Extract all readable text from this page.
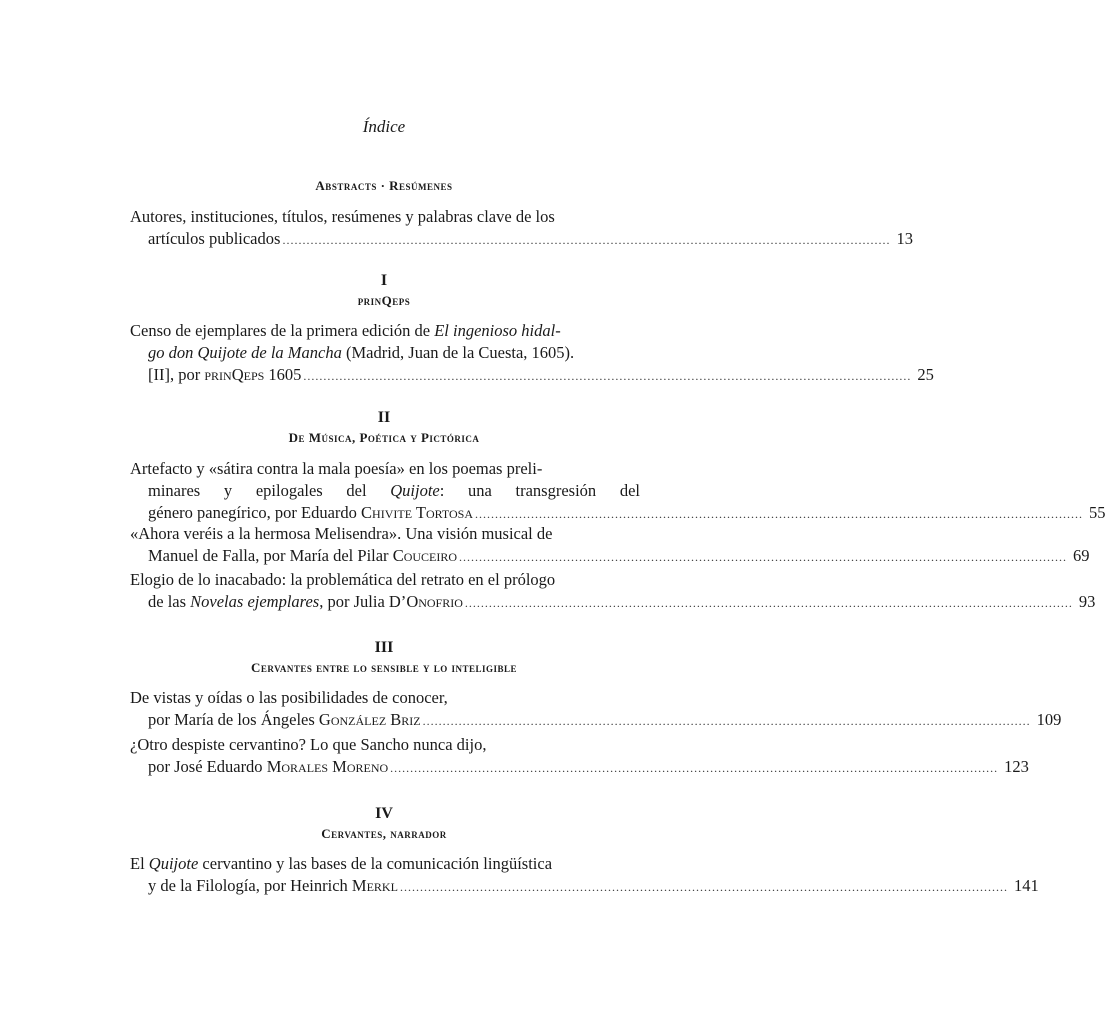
Índice
Abstracts · Resúmenes
Autores, instituciones, títulos, resúmenes y palabras clave de los
artículos publicados ........................................................................................................................................................ 13
I
prinQeps
Censo de ejemplares de la primera edición de El ingenioso hidal-
go don Quijote de la Mancha (Madrid, Juan de la Cuesta, 1605).
[II], por prinQeps 1605 ........................................................................................................................................................ 25
II
De Música, Poética y Pictórica
Artefacto y «sátira contra la mala poesía» en los poemas preli-
minares y epilogales del Quijote: una transgresión del
género panegírico, por Eduardo Chivite Tortosa ........................................................................................................................................................ 55
«Ahora veréis a la hermosa Melisendra». Una visión musical de
Manuel de Falla, por María del Pilar Couceiro ........................................................................................................................................................ 69
Elogio de lo inacabado: la problemática del retrato en el prólogo
de las Novelas ejemplares, por Julia D’Onofrio ........................................................................................................................................................ 93
III
Cervantes entre lo sensible y lo inteligible
De vistas y oídas o las posibilidades de conocer,
por María de los Ángeles González Briz ........................................................................................................................................................ 109
¿Otro despiste cervantino? Lo que Sancho nunca dijo,
por José Eduardo Morales Moreno ........................................................................................................................................................ 123
IV
Cervantes, narrador
El Quijote cervantino y las bases de la comunicación lingüística
y de la Filología, por Heinrich Merkl ........................................................................................................................................................ 141
